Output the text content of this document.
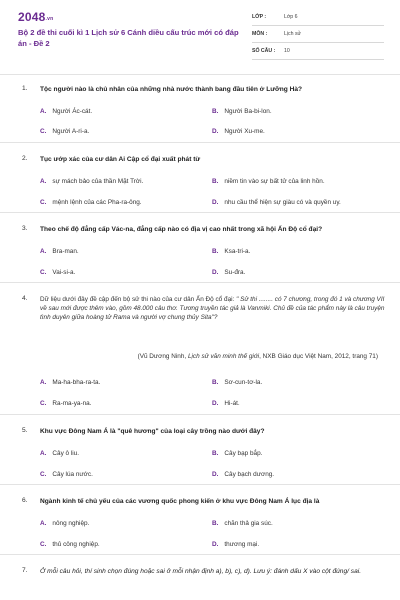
2048.vn
Bộ 2 đề thi cuối kì 1 Lịch sử 6 Cánh diều cấu trúc mới có đáp án - Đề 2
LỚP :	Lớp 6
MÔN :	Lịch sử
SỐ CÂU : 10
1. Tộc người nào là chủ nhân của những nhà nước thành bang đầu tiên ở Lưỡng Hà?
A. Người Ác-cát.	B. Người Ba-bi-lon.
C. Người A-ri-a.	D. Người Xu-me.
2. Tục ướp xác của cư dân Ai Cập cổ đại xuất phát từ
A. sự mách bảo của thần Mặt Trời.	B. niềm tin vào sự bất tử của linh hồn.
C. mệnh lệnh của các Pha-ra-ông.	D. nhu cầu thể hiện sự giàu có và quyền uy.
3. Theo chế độ đẳng cấp Vác-na, đẳng cấp nào có địa vị cao nhất trong xã hội Ấn Độ cổ đại?
A. Bra-man.	B. Ksa-tri-a.
C. Vai-si-a.	D. Su-đra.
4. Dữ liệu dưới đây đề cập đến bộ sử thi nào của cư dân Ấn Độ cổ đại: " Sử thi ........ có 7 chương, trong đó 1 và chương VII về sau mới được thêm vào, gồm 48.000 câu thơ. Tương truyền tác giả là Vanmiki. Chủ đề của tác phẩm này là câu truyện tình duyên giữa hoàng tử Rama và người vợ chung thủy Sita"?
(Vũ Dương Ninh, Lịch sử văn minh thế giới, NXB Giáo dục Việt Nam, 2012, trang 71)
A. Ma-ha-bha-ra-ta.	B. Sơ-cun-tơ-la.
C. Ra-ma-ya-na.	D. Hi-át.
5. Khu vực Đông Nam Á là "quê hương" của loại cây trồng nào dưới đây?
A. Cây ô liu.	B. Cây bạp bắp.
C. Cây lúa nước.	D. Cây bạch dương.
6. Ngành kinh tế chủ yếu của các vương quốc phong kiến ở khu vực Đông Nam Á lục địa là
A. nông nghiệp.	B. chăn thả gia súc.
C. thủ công nghiệp.	D. thương mại.
7. Ở mỗi câu hỏi, thí sinh chọn đúng hoặc sai ở mỗi nhận định a), b), c), d). Lưu ý: đánh dấu X vào cột đúng/ sai.
